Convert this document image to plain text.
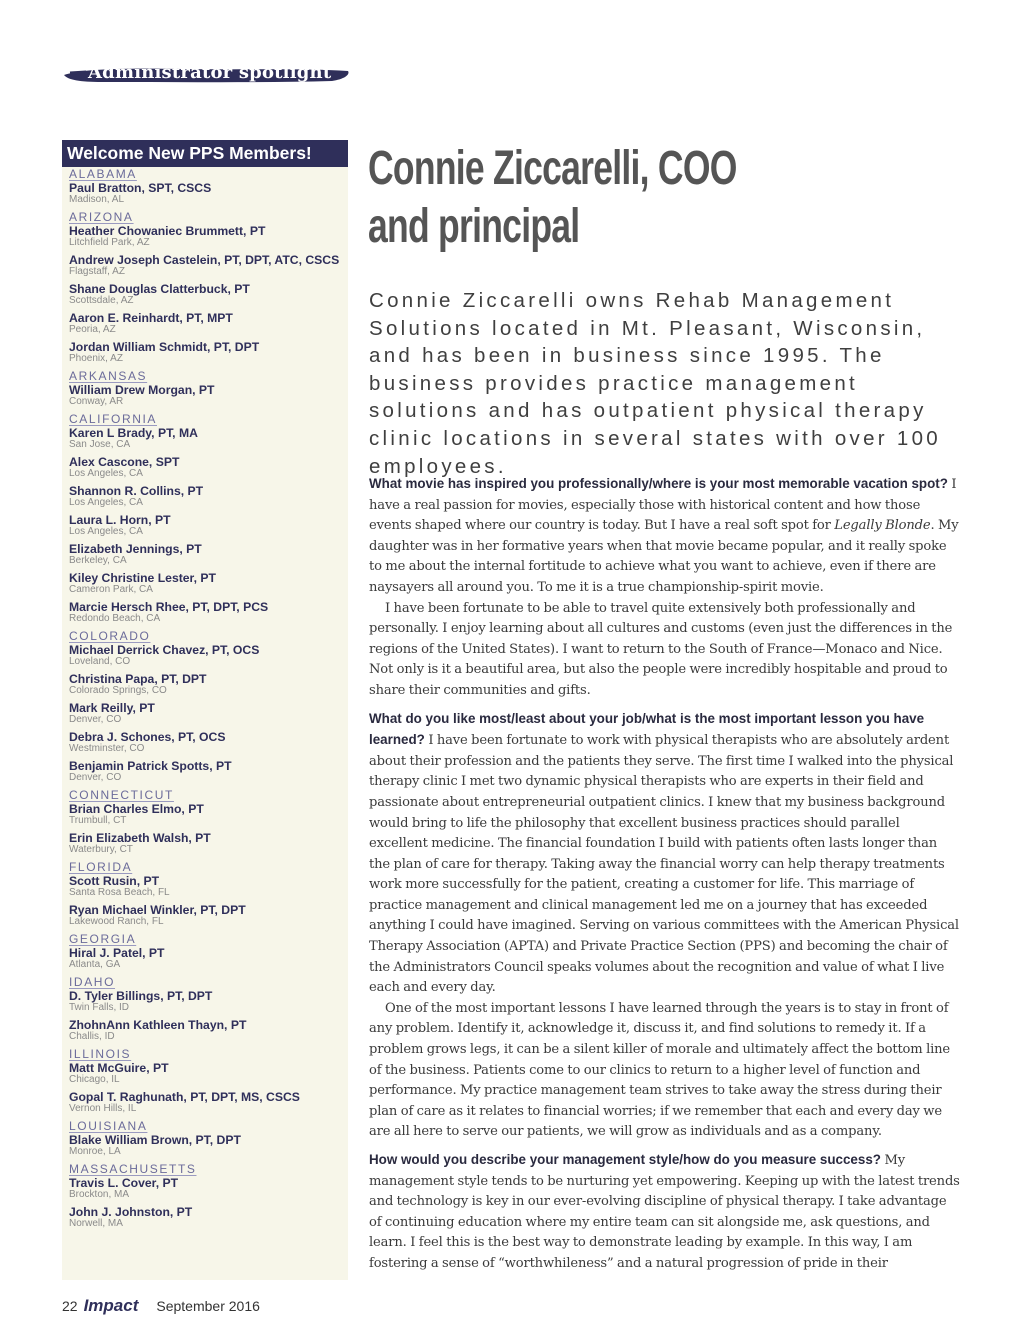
Administrator spotlight
Welcome New PPS Members!
ALABAMA
Paul Bratton, SPT, CSCS
Madison, AL
ARIZONA
Heather Chowaniec Brummett, PT
Litchfield Park, AZ
Andrew Joseph Castelein, PT, DPT, ATC, CSCS
Flagstaff, AZ
Shane Douglas Clatterbuck, PT
Scottsdale, AZ
Aaron E. Reinhardt, PT, MPT
Peoria, AZ
Jordan William Schmidt, PT, DPT
Phoenix, AZ
ARKANSAS
William Drew Morgan, PT
Conway, AR
CALIFORNIA
Karen L Brady, PT, MA
San Jose, CA
Alex Cascone, SPT
Los Angeles, CA
Shannon R. Collins, PT
Los Angeles, CA
Laura L. Horn, PT
Los Angeles, CA
Elizabeth Jennings, PT
Berkeley, CA
Kiley Christine Lester, PT
Cameron Park, CA
Marcie Hersch Rhee, PT, DPT, PCS
Redondo Beach, CA
COLORADO
Michael Derrick Chavez, PT, OCS
Loveland, CO
Christina Papa, PT, DPT
Colorado Springs, CO
Mark Reilly, PT
Denver, CO
Debra J. Schones, PT, OCS
Westminster, CO
Benjamin Patrick Spotts, PT
Denver, CO
CONNECTICUT
Brian Charles Elmo, PT
Trumbull, CT
Erin Elizabeth Walsh, PT
Waterbury, CT
FLORIDA
Scott Rusin, PT
Santa Rosa Beach, FL
Ryan Michael Winkler, PT, DPT
Lakewood Ranch, FL
GEORGIA
Hiral J. Patel, PT
Atlanta, GA
IDAHO
D. Tyler Billings, PT, DPT
Twin Falls, ID
ZhohnAnn Kathleen Thayn, PT
Challis, ID
ILLINOIS
Matt McGuire, PT
Chicago, IL
Gopal T. Raghunath, PT, DPT, MS, CSCS
Vernon Hills, IL
LOUISIANA
Blake William Brown, PT, DPT
Monroe, LA
MASSACHUSETTS
Travis L. Cover, PT
Brockton, MA
John J. Johnston, PT
Norwell, MA
Connie Ziccarelli, COO
and principal

Connie Ziccarelli owns Rehab Management Solutions located in Mt. Pleasant, Wisconsin, and has been in business since 1995. The business provides practice management solutions and has outpatient physical therapy clinic locations in several states with over 100 employees.

What movie has inspired you professionally/where is your most memorable vacation spot? I have a real passion for movies, especially those with historical content and how those events shaped where our country is today. But I have a real soft spot for Legally Blonde. My daughter was in her formative years when that movie became popular, and it really spoke to me about the internal fortitude to achieve what you want to achieve, even if there are naysayers all around you. To me it is a true championship-spirit movie.

I have been fortunate to be able to travel quite extensively both professionally and personally. I enjoy learning about all cultures and customs (even just the differences in the regions of the United States). I want to return to the South of France—Monaco and Nice. Not only is it a beautiful area, but also the people were incredibly hospitable and proud to share their communities and gifts.

What do you like most/least about your job/what is the most important lesson you have learned? I have been fortunate to work with physical therapists who are absolutely ardent about their profession and the patients they serve. The first time I walked into the physical therapy clinic I met two dynamic physical therapists who are experts in their field and passionate about entrepreneurial outpatient clinics. I knew that my business background would bring to life the philosophy that excellent business practices should parallel excellent medicine. The financial foundation I build with patients often lasts longer than the plan of care for therapy. Taking away the financial worry can help therapy treatments work more successfully for the patient, creating a customer for life. This marriage of practice management and clinical management led me on a journey that has exceeded anything I could have imagined. Serving on various committees with the American Physical Therapy Association (APTA) and Private Practice Section (PPS) and becoming the chair of the Administrators Council speaks volumes about the recognition and value of what I live each and every day.

One of the most important lessons I have learned through the years is to stay in front of any problem. Identify it, acknowledge it, discuss it, and find solutions to remedy it. If a problem grows legs, it can be a silent killer of morale and ultimately affect the bottom line of the business. Patients come to our clinics to return to a higher level of function and performance. My practice management team strives to take away the stress during their plan of care as it relates to financial worries; if we remember that each and every day we are all here to serve our patients, we will grow as individuals and as a company.

How would you describe your management style/how do you measure success? My management style tends to be nurturing yet empowering. Keeping up with the latest trends and technology is key in our ever-evolving discipline of physical therapy. I take advantage of continuing education where my entire team can sit alongside me, ask questions, and learn. I feel this is the best way to demonstrate leading by example. In this way, I am fostering a sense of “worthwhileness” and a natural progression of pride in their

22 Impact September 2016
